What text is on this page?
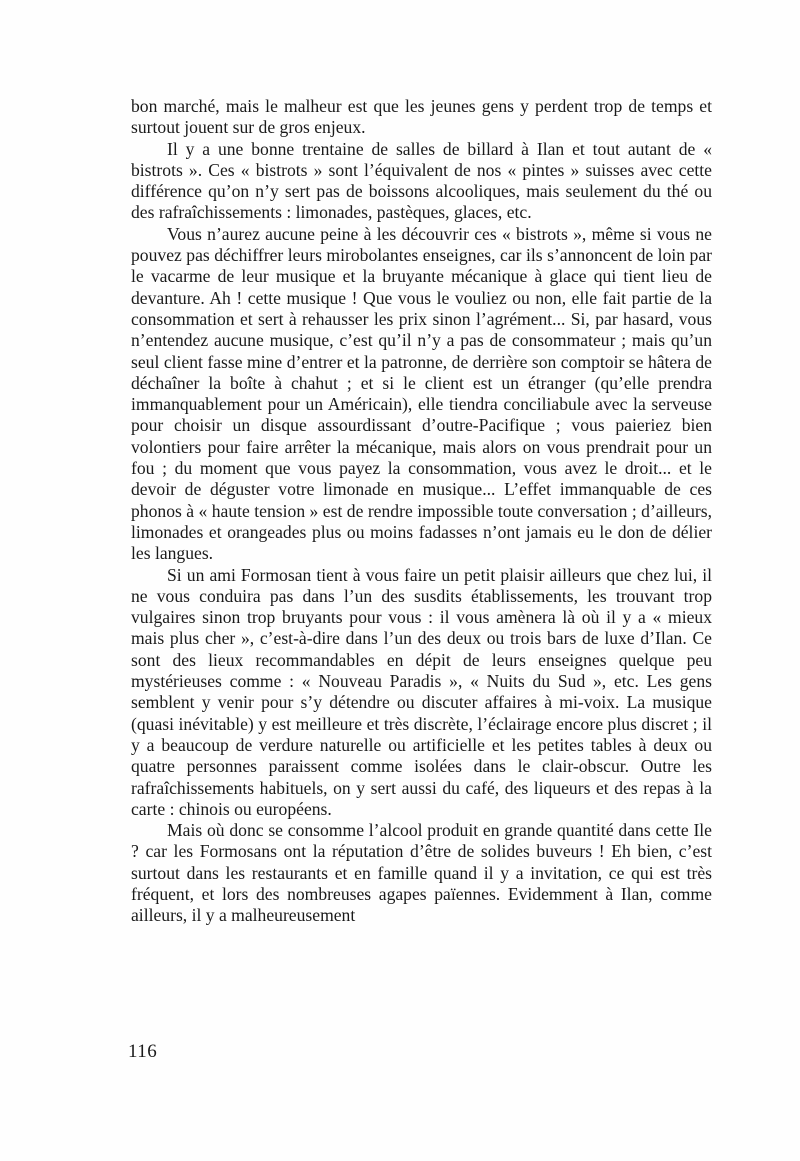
bon marché, mais le malheur est que les jeunes gens y perdent trop de temps et surtout jouent sur de gros enjeux.

Il y a une bonne trentaine de salles de billard à Ilan et tout autant de « bistrots ». Ces « bistrots » sont l’équivalent de nos « pintes » suisses avec cette différence qu’on n’y sert pas de boissons alcooliques, mais seulement du thé ou des rafraîchissements : limonades, pastèques, glaces, etc.

Vous n’aurez aucune peine à les découvrir ces « bistrots », même si vous ne pouvez pas déchiffrer leurs mirobolantes enseignes, car ils s’annoncent de loin par le vacarme de leur musique et la bruyante mécanique à glace qui tient lieu de devanture. Ah ! cette musique ! Que vous le vouliez ou non, elle fait partie de la consommation et sert à rehausser les prix sinon l’agrément... Si, par hasard, vous n’entendez aucune musique, c’est qu’il n’y a pas de consommateur ; mais qu’un seul client fasse mine d’entrer et la patronne, de derrière son comptoir se hâtera de déchaîner la boîte à chahut ; et si le client est un étranger (qu’elle prendra immanquablement pour un Américain), elle tiendra conciliabule avec la serveuse pour choisir un disque assourdissant d’outre-Pacifique ; vous paieriez bien volontiers pour faire arrêter la mécanique, mais alors on vous prendrait pour un fou ; du moment que vous payez la consommation, vous avez le droit... et le devoir de déguster votre limonade en musique... L’effet immanquable de ces phonos à « haute tension » est de rendre impossible toute conversation ; d’ailleurs, limonades et orangeades plus ou moins fadasses n’ont jamais eu le don de délier les langues.

Si un ami Formosan tient à vous faire un petit plaisir ailleurs que chez lui, il ne vous conduira pas dans l’un des susdits établissements, les trouvant trop vulgaires sinon trop bruyants pour vous : il vous amènera là où il y a « mieux mais plus cher », c’est-à-dire dans l’un des deux ou trois bars de luxe d’Ilan. Ce sont des lieux recommandables en dépit de leurs enseignes quelque peu mystérieuses comme : « Nouveau Paradis », « Nuits du Sud », etc. Les gens semblent y venir pour s’y détendre ou discuter affaires à mi-voix. La musique (quasi inévitable) y est meilleure et très discrète, l’éclairage encore plus discret ; il y a beaucoup de verdure naturelle ou artificielle et les petites tables à deux ou quatre personnes paraissent comme isolées dans le clair-obscur. Outre les rafraîchissements habituels, on y sert aussi du café, des liqueurs et des repas à la carte : chinois ou européens.

Mais où donc se consomme l’alcool produit en grande quantité dans cette Ile ? car les Formosans ont la réputation d’être de solides buveurs ! Eh bien, c’est surtout dans les restaurants et en famille quand il y a invitation, ce qui est très fréquent, et lors des nombreuses agapes païennes. Evidemment à Ilan, comme ailleurs, il y a malheureusement

116
